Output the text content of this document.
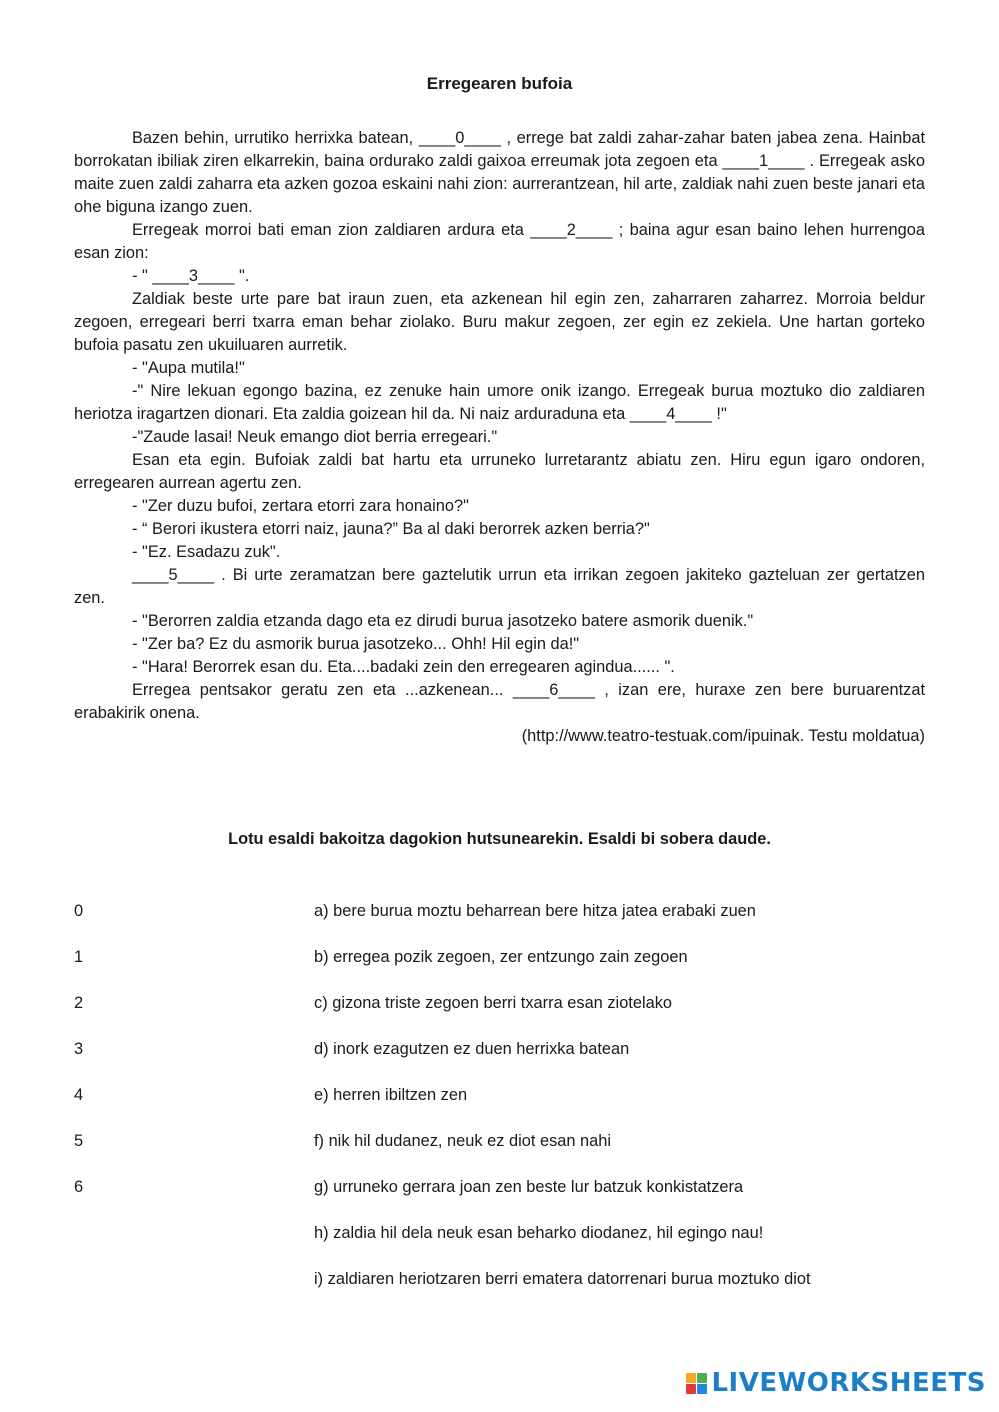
Erregearen bufoia

Bazen behin, urrutiko herrixka batean, ____0____ , errege bat zaldi zahar-zahar baten jabea zena. Hainbat borrokatan ibiliak ziren elkarrekin, baina ordurako zaldi gaixoa erreumak jota zegoen eta ____1____ . Erregeak asko maite zuen zaldi zaharra eta azken gozoa eskaini nahi zion: aurrerantzean, hil arte, zaldiak nahi zuen beste janari eta ohe biguna izango zuen.

Erregeak morroi bati eman zion zaldiaren ardura eta ____2____ ; baina agur esan baino lehen hurrengoa esan zion:

- " ____3____ ".

Zaldiak beste urte pare bat iraun zuen, eta azkenean hil egin zen, zaharraren zaharrez. Morroia beldur zegoen, erregeari berri txarra eman behar ziolako. Buru makur zegoen, zer egin ez zekiela. Une hartan gorteko bufoia pasatu zen ukuiluaren aurretik.

- "Aupa mutila!"

-" Nire lekuan egongo bazina, ez zenuke hain umore onik izango. Erregeak burua moztuko dio zaldiaren heriotza iragartzen dionari. Eta zaldia goizean hil da. Ni naiz arduraduna eta ____4____ !"

-"Zaude lasai! Neuk emango diot berria erregeari."

Esan eta egin. Bufoiak zaldi bat hartu eta urruneko lurretarantz abiatu zen. Hiru egun igaro ondoren, erregearen aurrean agertu zen.

- "Zer duzu bufoi, zertara etorri zara honaino?"

- “ Berori ikustera etorri naiz, jauna?” Ba al daki berorrek azken berria?"

- "Ez. Esadazu zuk".

____5____ . Bi urte zeramatzan bere gaztelutik urrun eta irrikan zegoen jakiteko gazteluan zer gertatzen zen.

- "Berorren zaldia etzanda dago eta ez dirudi burua jasotzeko batere asmorik duenik."

- "Zer ba? Ez du asmorik burua jasotzeko... Ohh! Hil egin da!"

- "Hara! Berorrek esan du. Eta....badaki zein den erregearen agindua...... ".

Erregea pentsakor geratu zen eta ...azkenean... ____6____ , izan ere, huraxe zen bere buruarentzat erabakirik onena.

(http://www.teatro-testuak.com/ipuinak. Testu moldatua)

Lotu esaldi bakoitza dagokion hutsunearekin. Esaldi bi sobera daude.
0
1
2
3
4
5
6
a) bere burua moztu beharrean bere hitza jatea erabaki zuen
b) erregea pozik zegoen, zer entzungo zain zegoen
c) gizona triste zegoen berri txarra esan ziotelako
d) inork ezagutzen ez duen herrixka batean
e) herren ibiltzen zen
f) nik hil dudanez, neuk ez diot esan nahi
g) urruneko gerrara joan zen beste lur batzuk konkistatzera
h) zaldia hil dela neuk esan beharko diodanez, hil egingo nau!
i) zaldiaren heriotzaren berri ematera datorrenari burua moztuko diot
LIVEWORKSHEETS
